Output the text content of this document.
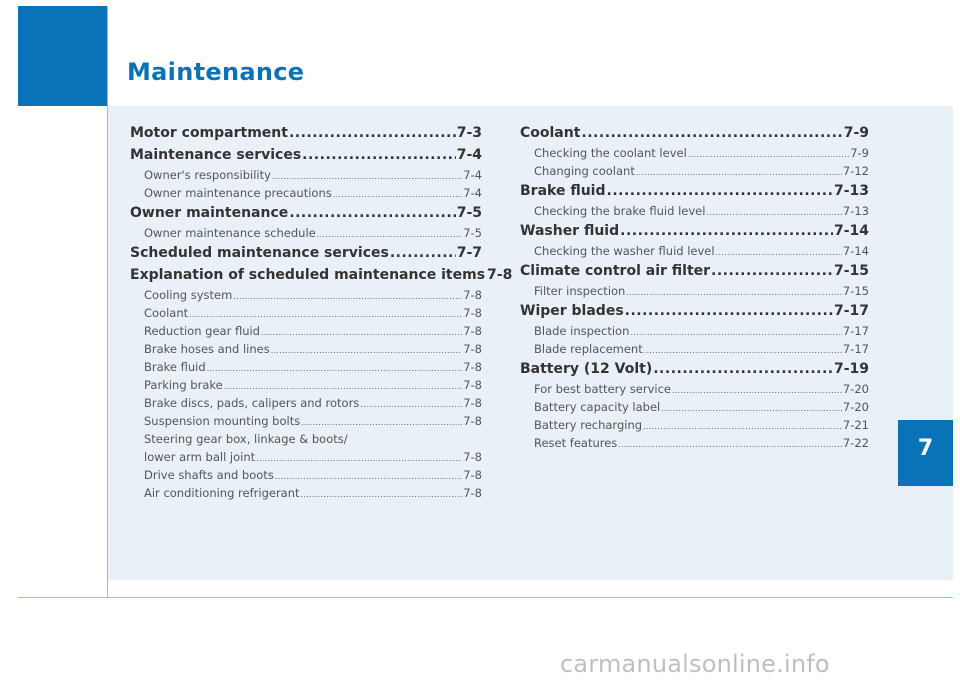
Maintenance
7
Motor compartment .....	7-3
Maintenance services .....	7-4
Owner's responsibility .....	7-4
Owner maintenance precautions .....	7-4
Owner maintenance .....	7-5
Owner maintenance schedule .....	7-5
Scheduled maintenance services .....	7-7
Explanation of scheduled maintenance items 7-8
Cooling system .....	7-8
Coolant .....	7-8
Reduction gear fluid .....	7-8
Brake hoses and lines .....	7-8
Brake fluid .....	7-8
Parking brake .....	7-8
Brake discs, pads, calipers and rotors .....	7-8
Suspension mounting bolts .....	7-8
Steering gear box, linkage & boots/
lower arm ball joint .....	7-8
Drive shafts and boots .....	7-8
Air conditioning refrigerant .....	7-8
Coolant .....	7-9
Checking the coolant level .....	7-9
Changing coolant .....	7-12
Brake fluid .....	7-13
Checking the brake fluid level .....	7-13
Washer fluid .....	7-14
Checking the washer fluid level .....	7-14
Climate control air filter .....	7-15
Filter inspection .....	7-15
Wiper blades .....	7-17
Blade inspection .....	7-17
Blade replacement .....	7-17
Battery (12 Volt) .....	7-19
For best battery service .....	7-20
Battery capacity label .....	7-20
Battery recharging .....	7-21
Reset features .....	7-22
carmanualsonline.info
